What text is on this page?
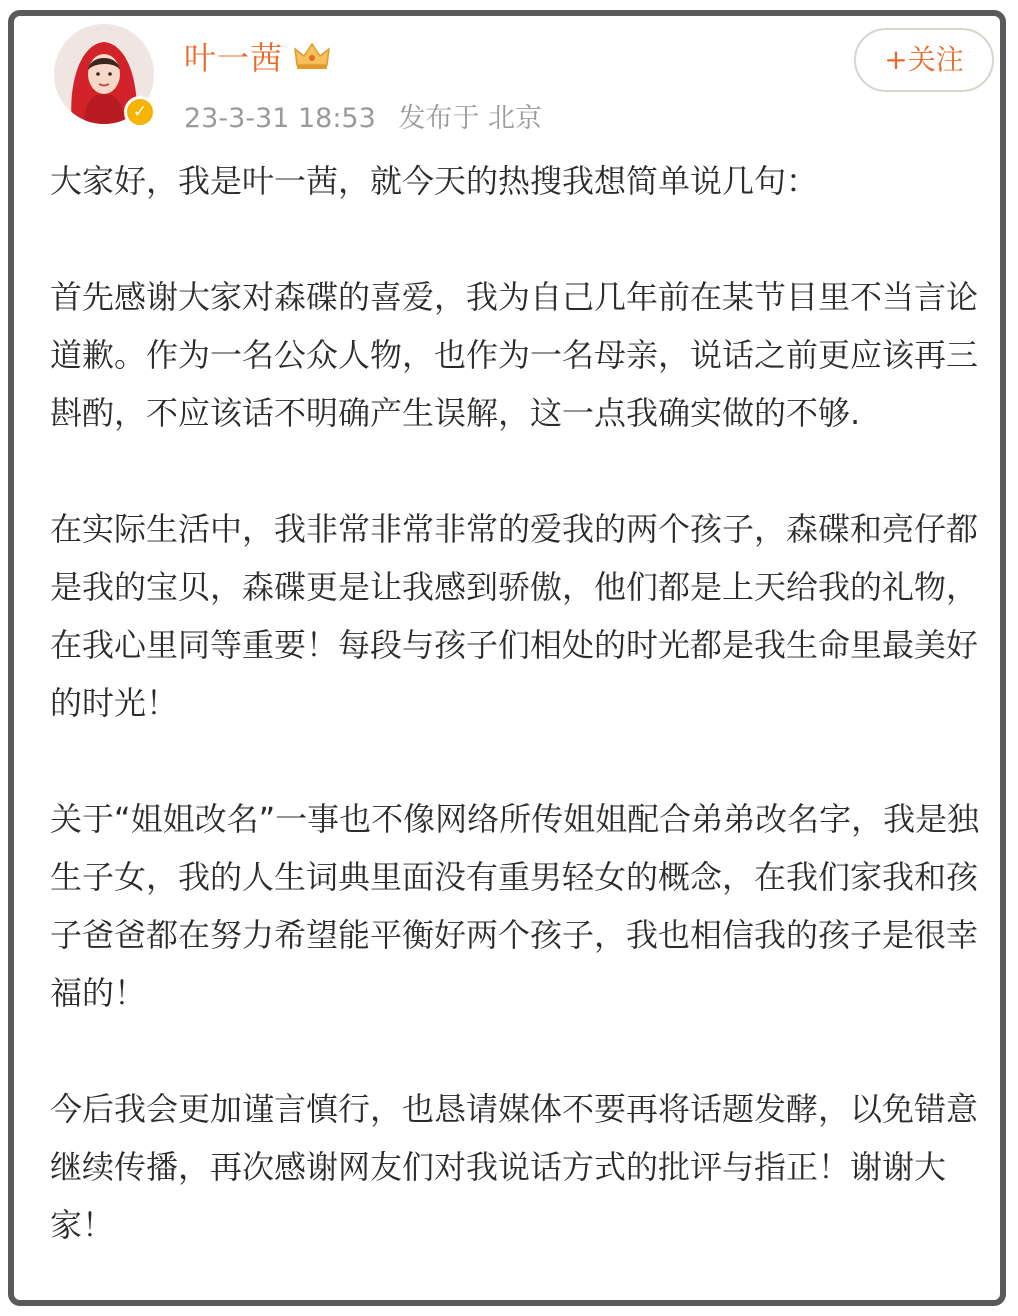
✓
叶一茜
23-3-31 18:53 发布于 北京
+关注

大家好，我是叶一茜，就今天的热搜我想简单说几句：

首先感谢大家对森碟的喜爱，我为自己几年前在某节目里不当言论道歉。作为一名公众人物，也作为一名母亲，说话之前更应该再三斟酌，不应该话不明确产生误解，这一点我确实做的不够.

在实际生活中，我非常非常非常的爱我的两个孩子，森碟和亮仔都是我的宝贝，森碟更是让我感到骄傲，他们都是上天给我的礼物，在我心里同等重要！每段与孩子们相处的时光都是我生命里最美好的时光！

关于“姐姐改名”一事也不像网络所传姐姐配合弟弟改名字，我是独生子女，我的人生词典里面没有重男轻女的概念，在我们家我和孩子爸爸都在努力希望能平衡好两个孩子，我也相信我的孩子是很幸福的！

今后我会更加谨言慎行，也恳请媒体不要再将话题发酵，以免错意继续传播，再次感谢网友们对我说话方式的批评与指正！谢谢大家！
